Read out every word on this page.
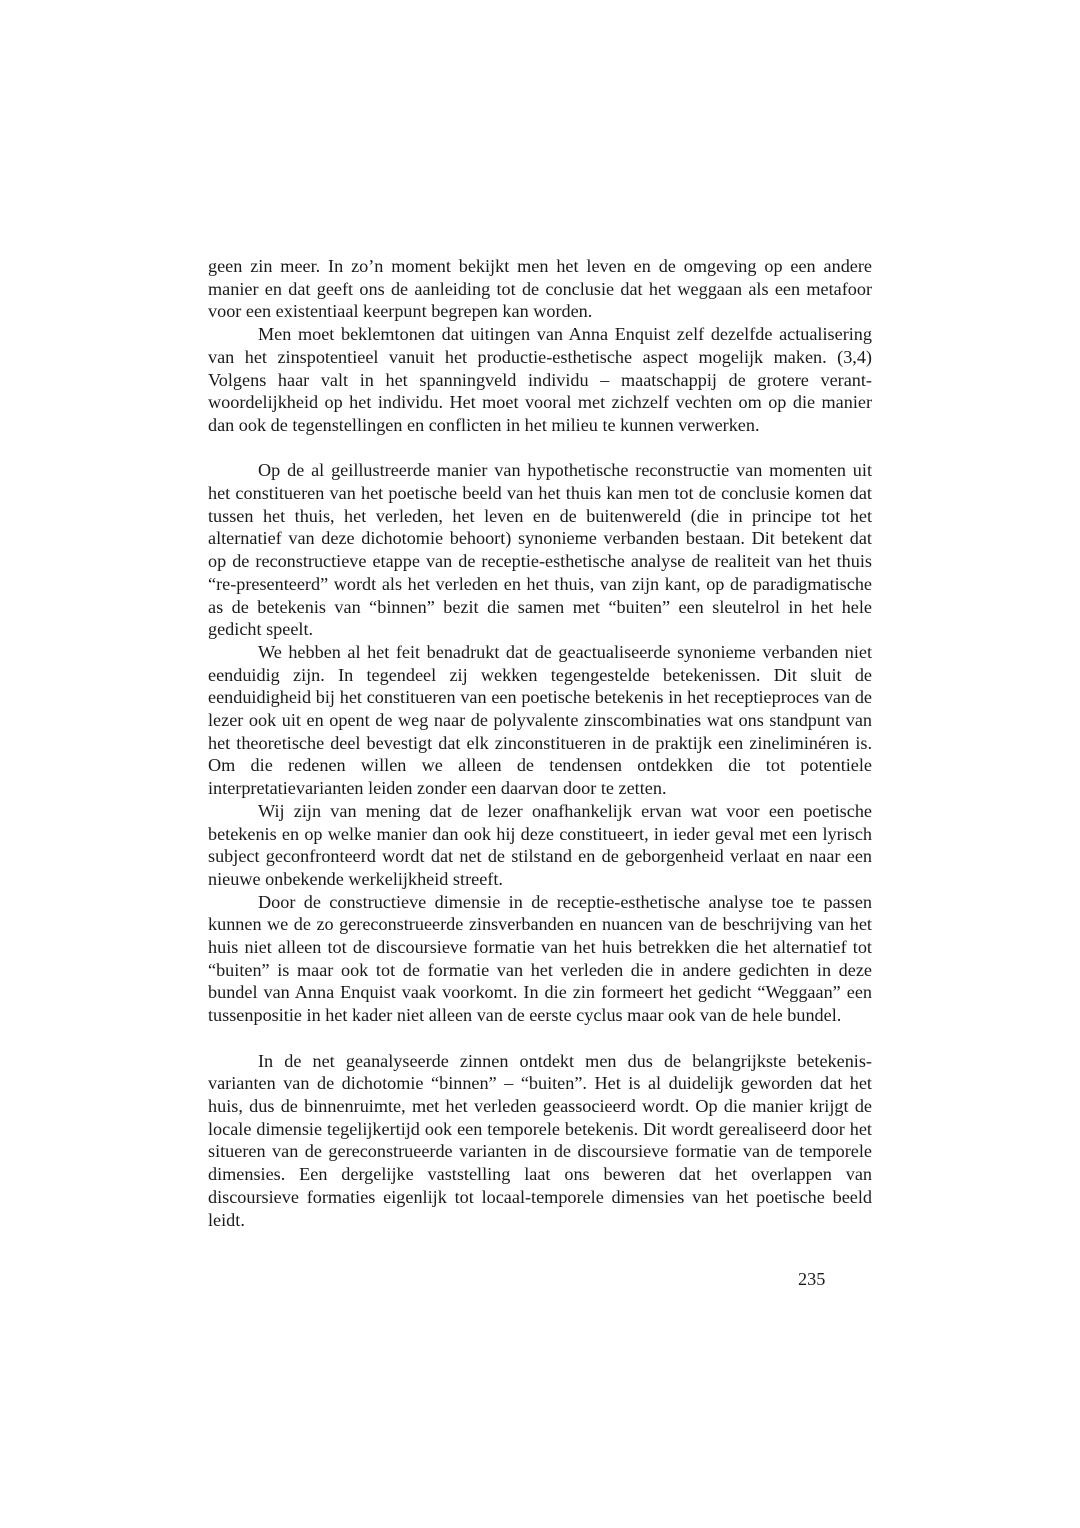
geen zin meer. In zo’n moment bekijkt men het leven en de omgeving op een andere manier en dat geeft ons de aanleiding tot de conclusie dat het weggaan als een metafoor voor een existentiaal keerpunt begrepen kan worden.

Men moet beklemtonen dat uitingen van Anna Enquist zelf dezelfde actualisering van het zinspotentieel vanuit het productie-esthetische aspect mogelijk maken. (3,4) Volgens haar valt in het spanningveld individu – maatschappij de grotere verant- woordelijkheid op het individu. Het moet vooral met zichzelf vechten om op die manier dan ook de tegenstellingen en conflicten in het milieu te kunnen verwerken.

Op de al geillustreerde manier van hypothetische reconstructie van momenten uit het constitueren van het poetische beeld van het thuis kan men tot de conclusie komen dat tussen het thuis, het verleden, het leven en de buitenwereld (die in principe tot het alternatief van deze dichotomie behoort) synonieme verbanden bestaan. Dit betekent dat op de reconstructieve etappe van de receptie-esthetische analyse de realiteit van het thuis “re-presenteerd” wordt als het verleden en het thuis, van zijn kant, op de paradigmatische as de betekenis van “binnen” bezit die samen met “buiten” een sleutelrol in het hele gedicht speelt.

We hebben al het feit benadrukt dat de geactualiseerde synonieme verbanden niet eenduidig zijn. In tegendeel zij wekken tegengestelde betekenissen. Dit sluit de eenduidigheid bij het constitueren van een poetische betekenis in het receptieproces van de lezer ook uit en opent de weg naar de polyvalente zinscombinaties wat ons standpunt van het theoretische deel bevestigt dat elk zinconstitueren in de praktijk een zineliminéren is. Om die redenen willen we alleen de tendensen ontdekken die tot potentiele interpretatievarianten leiden zonder een daarvan door te zetten.

Wij zijn van mening dat de lezer onafhankelijk ervan wat voor een poetische betekenis en op welke manier dan ook hij deze constitueert, in ieder geval met een lyrisch subject geconfronteerd wordt dat net de stilstand en de geborgenheid verlaat en naar een nieuwe onbekende werkelijkheid streeft.

Door de constructieve dimensie in de receptie-esthetische analyse toe te passen kunnen we de zo gereconstrueerde zinsverbanden en nuancen van de beschrijving van het huis niet alleen tot de discoursieve formatie van het huis betrekken die het alternatief tot “buiten” is maar ook tot de formatie van het verleden die in andere gedichten in deze bundel van Anna Enquist vaak voorkomt. In die zin formeert het gedicht “Weggaan” een tussenpositie in het kader niet alleen van de eerste cyclus maar ook van de hele bundel.

In de net geanalyseerde zinnen ontdekt men dus de belangrijkste betekenis- varianten van de dichotomie “binnen” – “buiten”. Het is al duidelijk geworden dat het huis, dus de binnenruimte, met het verleden geassocieerd wordt. Op die manier krijgt de locale dimensie tegelijkertijd ook een temporele betekenis. Dit wordt gerealiseerd door het situeren van de gereconstrueerde varianten in de discoursieve formatie van de temporele dimensies. Een dergelijke vaststelling laat ons beweren dat het overlappen van discoursieve formaties eigenlijk tot locaal-temporele dimensies van het poetische beeld leidt.

235
